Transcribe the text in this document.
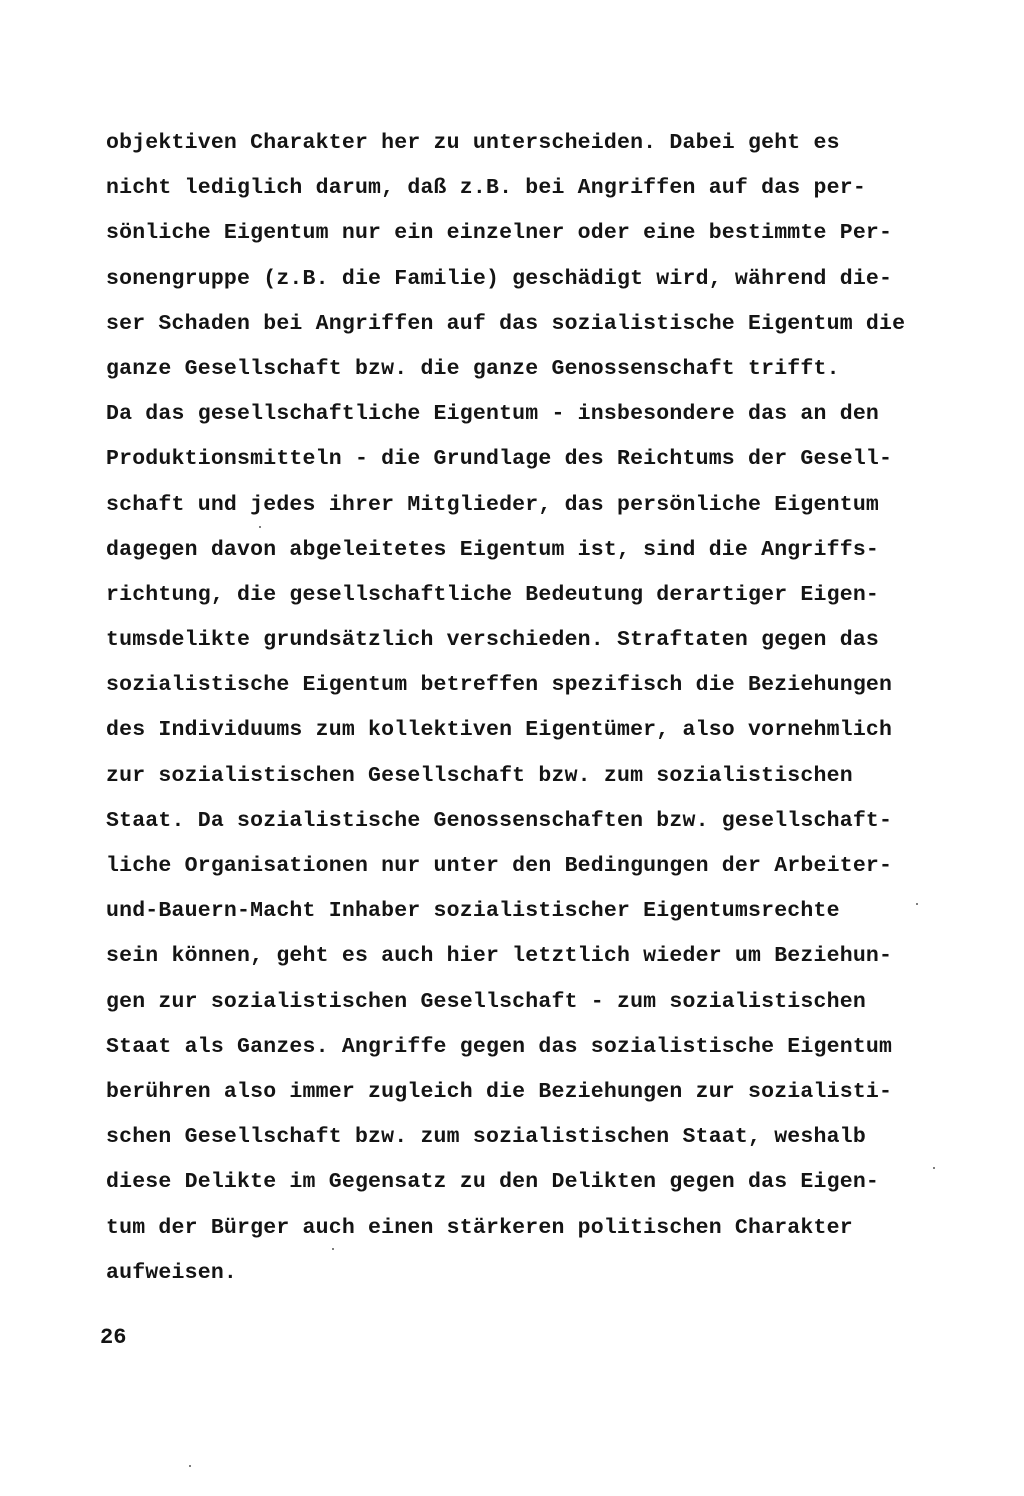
objektiven Charakter her zu unterscheiden. Dabei geht es
nicht lediglich darum, daß z.B. bei Angriffen auf das per-
sönliche Eigentum nur ein einzelner oder eine bestimmte Per-
sonengruppe (z.B. die Familie) geschädigt wird, während die-
ser Schaden bei Angriffen auf das sozialistische Eigentum die
ganze Gesellschaft bzw. die ganze Genossenschaft trifft.
Da das gesellschaftliche Eigentum - insbesondere das an den
Produktionsmitteln - die Grundlage des Reichtums der Gesell-
schaft und jedes ihrer Mitglieder, das persönliche Eigentum
dagegen davon abgeleitetes Eigentum ist, sind die Angriffs-
richtung, die gesellschaftliche Bedeutung derartiger Eigen-
tumsdelikte grundsätzlich verschieden. Straftaten gegen das
sozialistische Eigentum betreffen spezifisch die Beziehungen
des Individuums zum kollektiven Eigentümer, also vornehmlich
zur sozialistischen Gesellschaft bzw. zum sozialistischen
Staat. Da sozialistische Genossenschaften bzw. gesellschaft-
liche Organisationen nur unter den Bedingungen der Arbeiter-
und-Bauern-Macht Inhaber sozialistischer Eigentumsrechte
sein können, geht es auch hier letztlich wieder um Beziehun-
gen zur sozialistischen Gesellschaft - zum sozialistischen
Staat als Ganzes. Angriffe gegen das sozialistische Eigentum
berühren also immer zugleich die Beziehungen zur sozialisti-
schen Gesellschaft bzw. zum sozialistischen Staat, weshalb
diese Delikte im Gegensatz zu den Delikten gegen das Eigen-
tum der Bürger auch einen stärkeren politischen Charakter
aufweisen.
26
